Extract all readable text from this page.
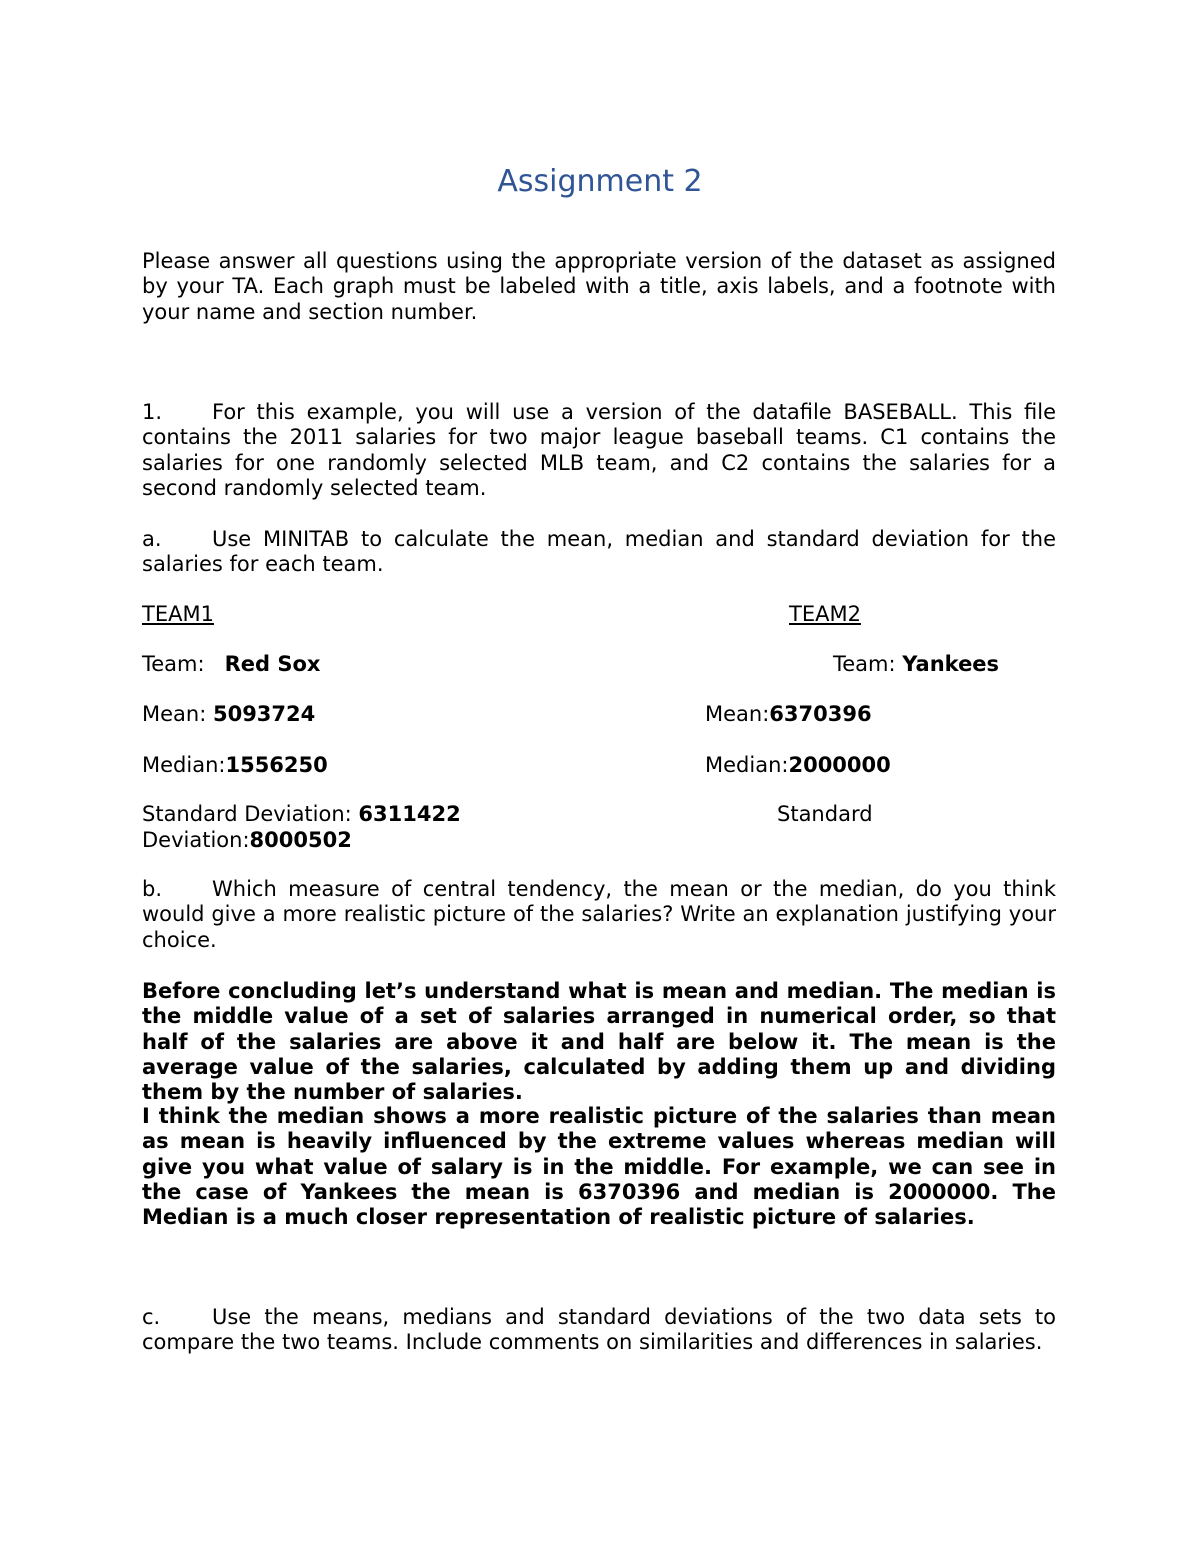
Assignment 2

Please answer all questions using the appropriate version of the dataset as assigned by your TA. Each graph must be labeled with a title, axis labels, and a footnote with your name and section number.

1. For this example, you will use a version of the datafile BASEBALL. This file contains the 2011 salaries for two major league baseball teams. C1 contains the salaries for one randomly selected MLB team, and C2 contains the salaries for a second randomly selected team.

a. Use MINITAB to calculate the mean, median and standard deviation for the salaries for each team.

TEAM1
Team:   Red Sox
Mean: 5093724
Median:1556250
Standard Deviation: 6311422
TEAM2
Team: Yankees
Mean:6370396
Median:2000000
Standard
Deviation:8000502

b. Which measure of central tendency, the mean or the median, do you think would give a more realistic picture of the salaries? Write an explanation justifying your choice.

Before concluding let’s understand what is mean and median. The median is the middle value of a set of salaries arranged in numerical order, so that half of the salaries are above it and half are below it. The mean is the average value of the salaries, calculated by adding them up and dividing them by the number of salaries.

I think the median shows a more realistic picture of the salaries than mean as mean is heavily influenced by the extreme values whereas median will give you what value of salary is in the middle. For example, we can see in the case of Yankees the mean is 6370396 and median is 2000000. The Median is a much closer representation of realistic picture of salaries.

c. Use the means, medians and standard deviations of the two data sets to compare the two teams. Include comments on similarities and differences in salaries.
